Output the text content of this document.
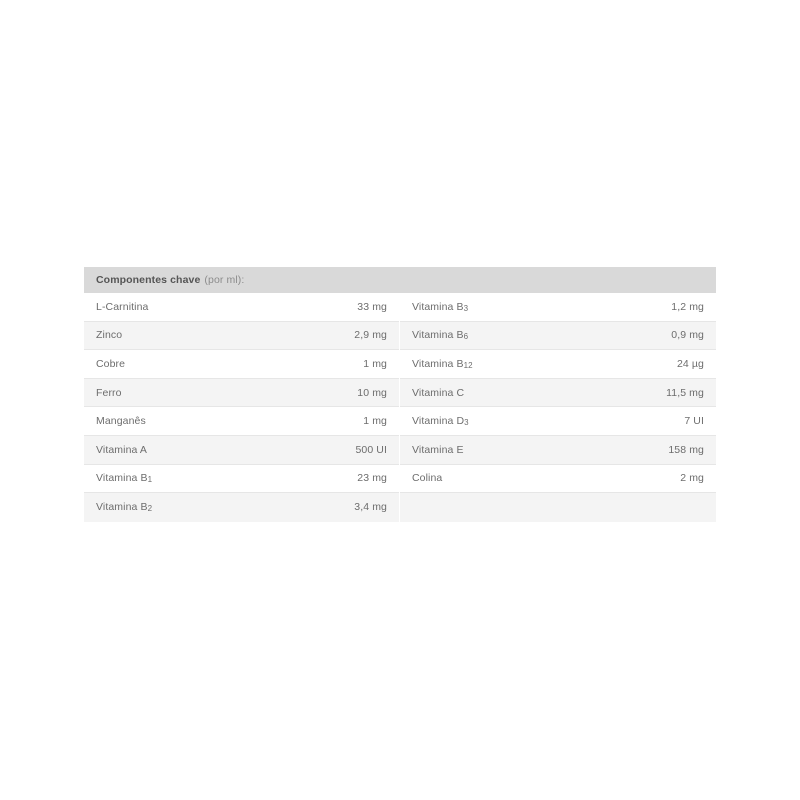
Componentes chave (por ml):
L-Carnitina	33 mg
Zinco	2,9 mg
Cobre	1 mg
Ferro	10 mg
Manganês	1 mg
Vitamina A	500 UI
Vitamina $B_1$	23 mg
Vitamina $B_2$	3,4 mg
Vitamina $B_3$	1,2 mg
Vitamina $B_6$	0,9 mg
Vitamina $B_{12}$	24 µg
Vitamina C	11,5 mg
Vitamina $D_3$	7 UI
Vitamina E	158 mg
Colina	2 mg
